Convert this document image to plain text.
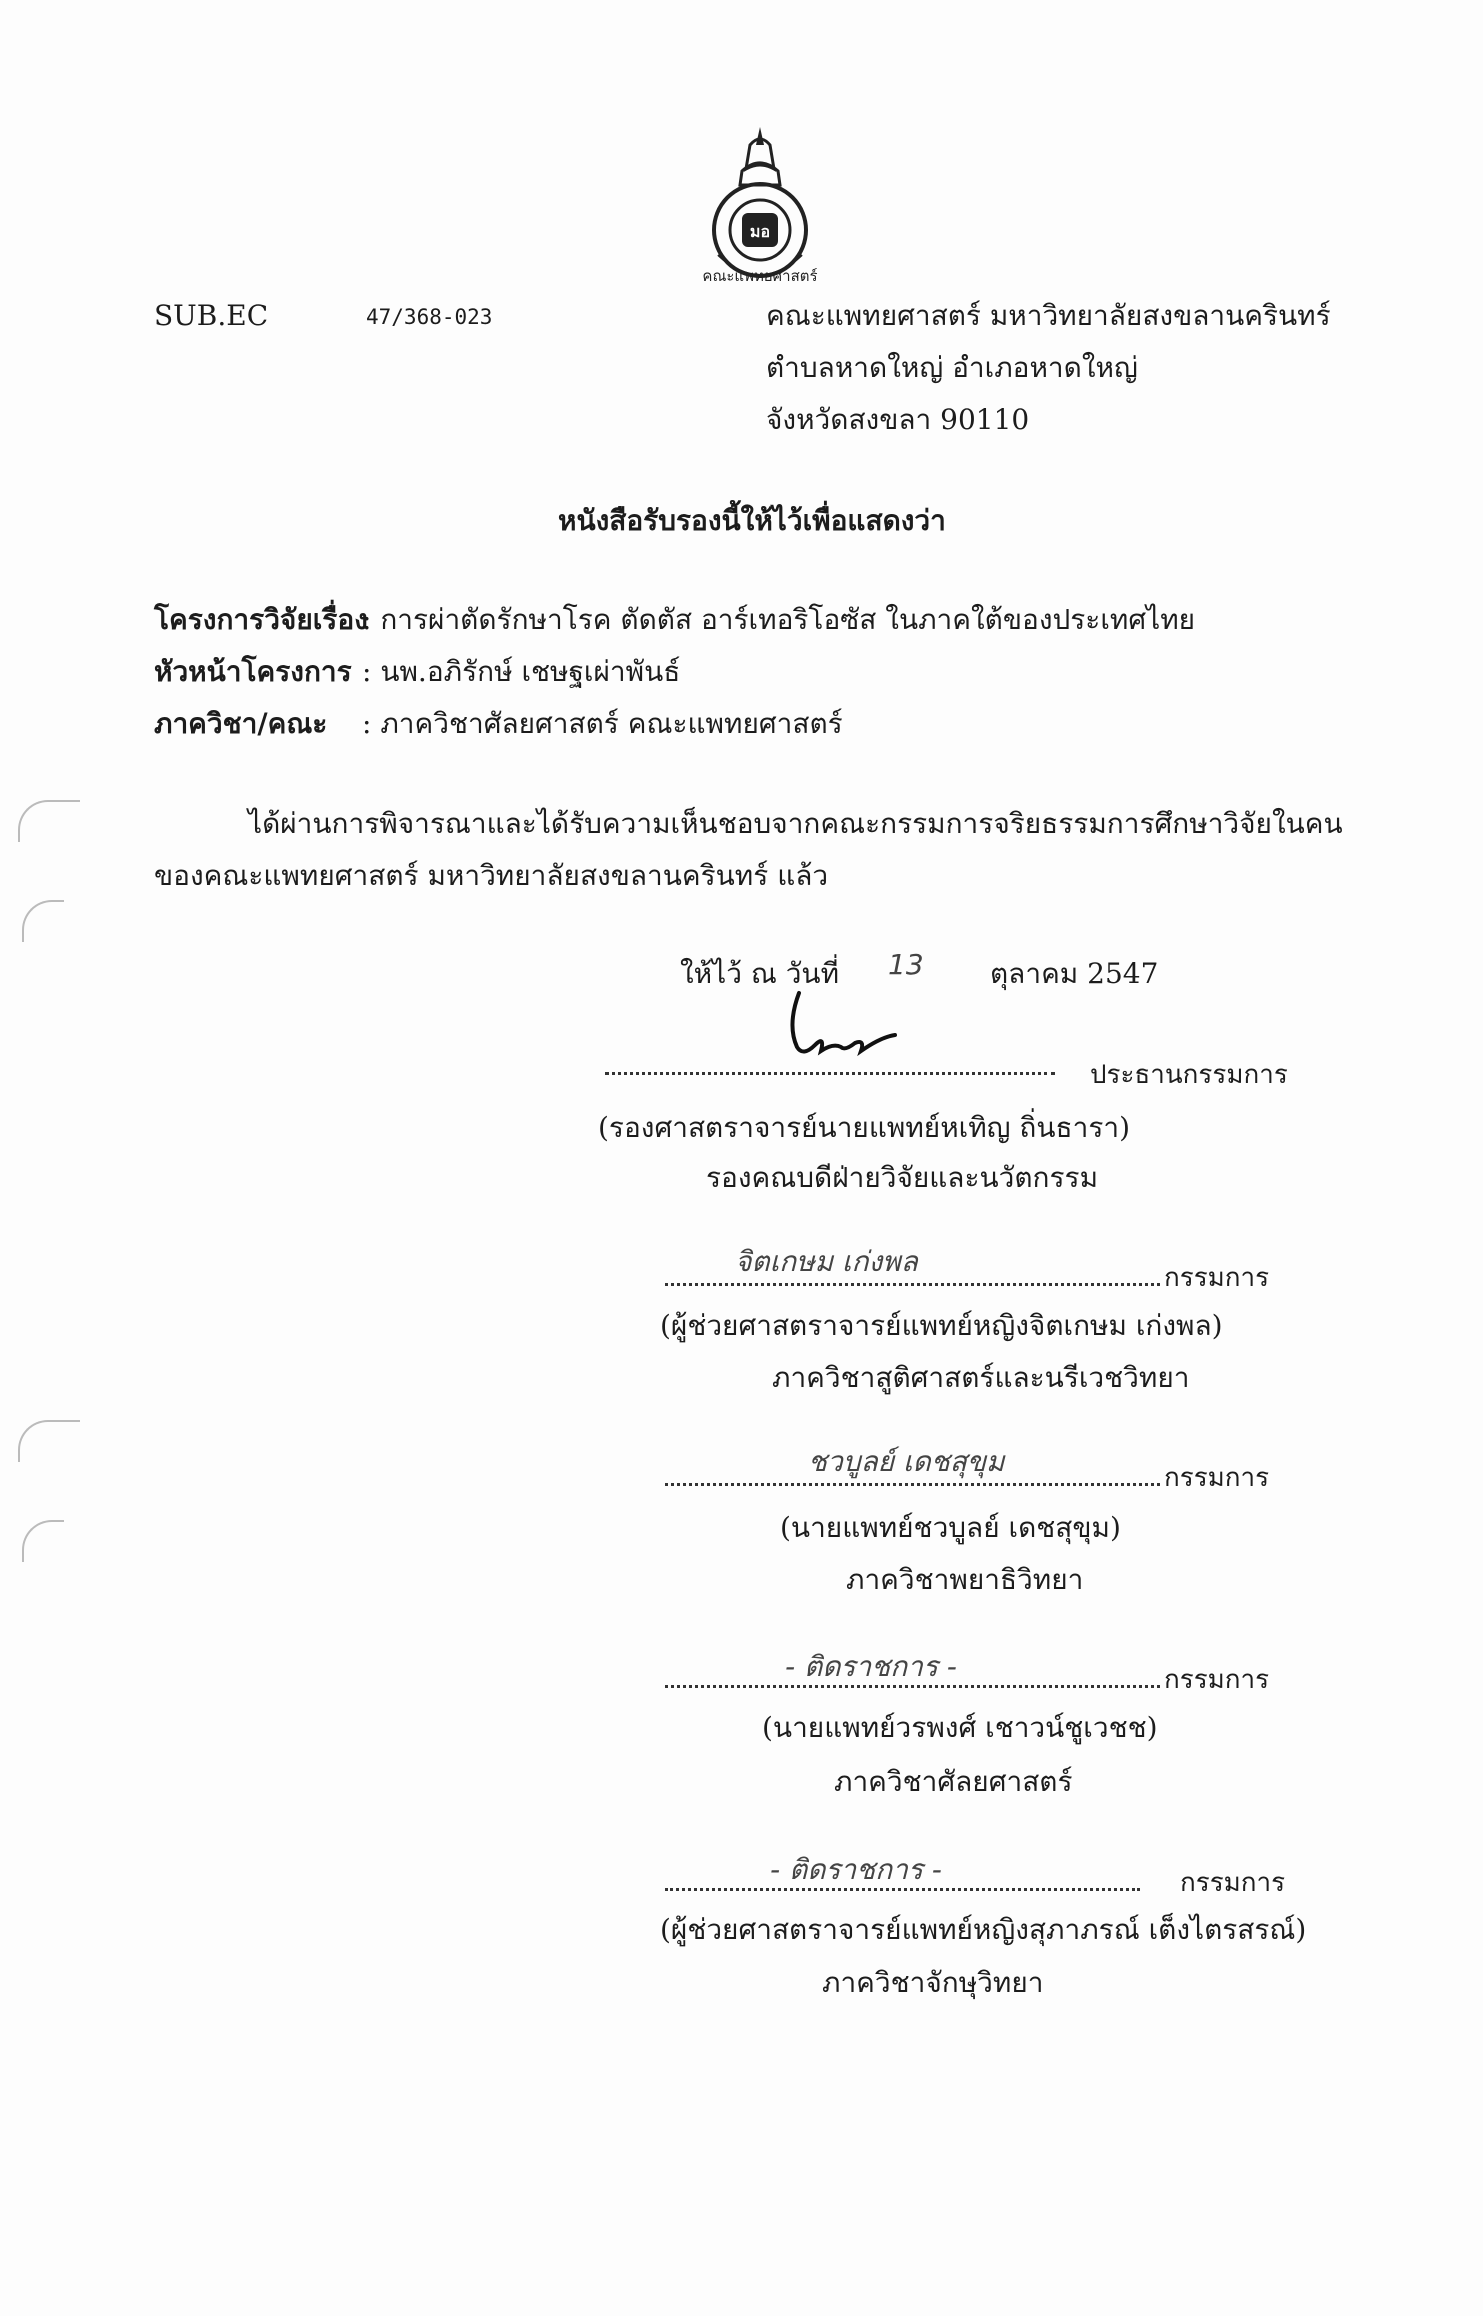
มอ
คณะแพทยศาสตร์
SUB.EC	47/368-023	คณะแพทยศาสตร์ มหาวิทยาลัยสงขลานครินทร์
ตำบลหาดใหญ่ อำเภอหาดใหญ่
จังหวัดสงขลา 90110
หนังสือรับรองนี้ให้ไว้เพื่อแสดงว่า
โครงการวิจัยเรื่อง
: การผ่าตัดรักษาโรค ตัดตัส อาร์เทอริโอซัส ในภาคใต้ของประเทศไทย
หัวหน้าโครงการ : นพ.อภิรักษ์ เชษฐเผ่าพันธ์
ภาควิชา/คณะ : ภาควิชาศัลยศาสตร์ คณะแพทยศาสตร์
ได้ผ่านการพิจารณาและได้รับความเห็นชอบจากคณะกรรมการจริยธรรมการศึกษาวิจัยในคน
ของคณะแพทยศาสตร์ มหาวิทยาลัยสงขลานครินทร์ แล้ว
ให้ไว้ ณ วันที่ 13 ตุลาคม 2547
ประธานกรรมการ
(รองศาสตราจารย์นายแพทย์หเทิญ ถิ่นธารา)
รองคณบดีฝ่ายวิจัยและนวัตกรรม
จิตเกษม เก่งพล	กรรมการ
(ผู้ช่วยศาสตราจารย์แพทย์หญิงจิตเกษม เก่งพล)
ภาควิชาสูติศาสตร์และนรีเวชวิทยา
ชวบูลย์ เดชสุขุม	กรรมการ
(นายแพทย์ชวบูลย์ เดชสุขุม)
ภาควิชาพยาธิวิทยา
- ติดราชการ -	กรรมการ
(นายแพทย์วรพงศ์ เชาวน์ชูเวชช)
ภาควิชาศัลยศาสตร์
- ติดราชการ -	กรรมการ
(ผู้ช่วยศาสตราจารย์แพทย์หญิงสุภาภรณ์ เต็งไตรสรณ์)
ภาควิชาจักษุวิทยา
